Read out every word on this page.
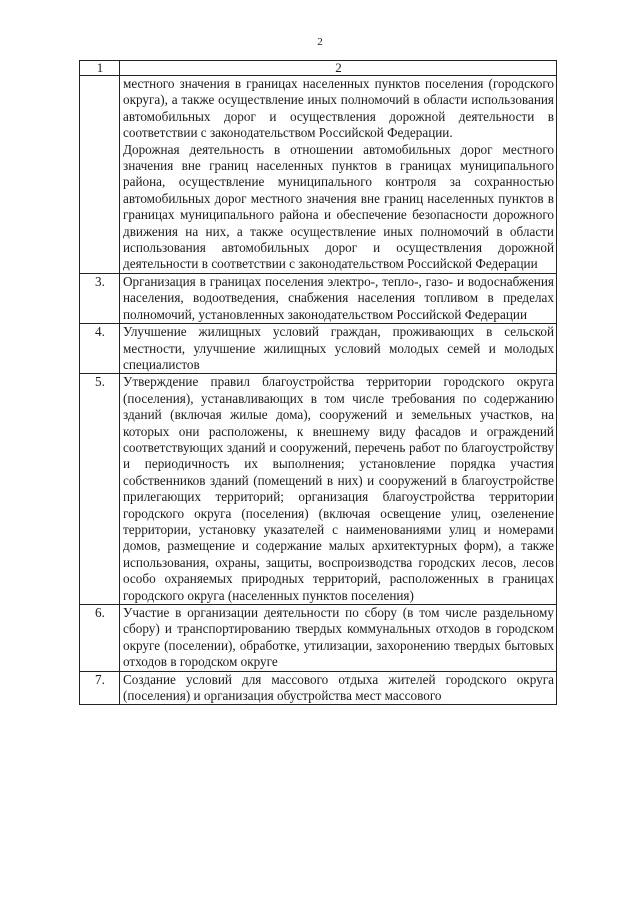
2
1	2

	местного значения в границах населенных пунктов поселения (городского округа), а также осуществление иных полномочий в области использования автомобильных дорог и осуществления дорожной деятельности в соответствии с законодательством Российской Федерации.

Дорожная деятельность в отношении автомобильных дорог местного значения вне границ населенных пунктов в границах муниципального района, осуществление муниципального контроля за сохранностью автомобильных дорог местного значения вне границ населенных пунктов в границах муниципального района и обеспечение безопасности дорожного движения на них, а также осуществление иных полномочий в области использования автомобильных дорог и осуществления дорожной деятельности в соответствии с законодательством Российской Федерации

3.	Организация в границах поселения электро-, тепло-, газо- и водоснабжения населения, водоотведения, снабжения населения топливом в пределах полномочий, установленных законодательством Российской Федерации

4.	Улучшение жилищных условий граждан, проживающих в сельской местности, улучшение жилищных условий молодых семей и молодых специалистов

5.	Утверждение правил благоустройства территории городского округа (поселения), устанавливающих в том числе требования по содержанию зданий (включая жилые дома), сооружений и земельных участков, на которых они расположены, к внешнему виду фасадов и ограждений соответствующих зданий и сооружений, перечень работ по благоустройству и периодичность их выполнения; установление порядка участия собственников зданий (помещений в них) и сооружений в благоустройстве прилегающих территорий; организация благоустройства территории городского округа (поселения) (включая освещение улиц, озеленение территории, установку указателей с наименованиями улиц и номерами домов, размещение и содержание малых архитектурных форм), а также использования, охраны, защиты, воспроизводства городских лесов, лесов особо охраняемых природных территорий, расположенных в границах городского округа (населенных пунктов поселения)

6.	Участие в организации деятельности по сбору (в том числе раздельному сбору) и транспортированию твердых коммунальных отходов в городском округе (поселении), обработке, утилизации, захоронению твердых бытовых отходов в городском округе

7.	Создание условий для массового отдыха жителей городского округа (поселения) и организация обустройства мест массового
